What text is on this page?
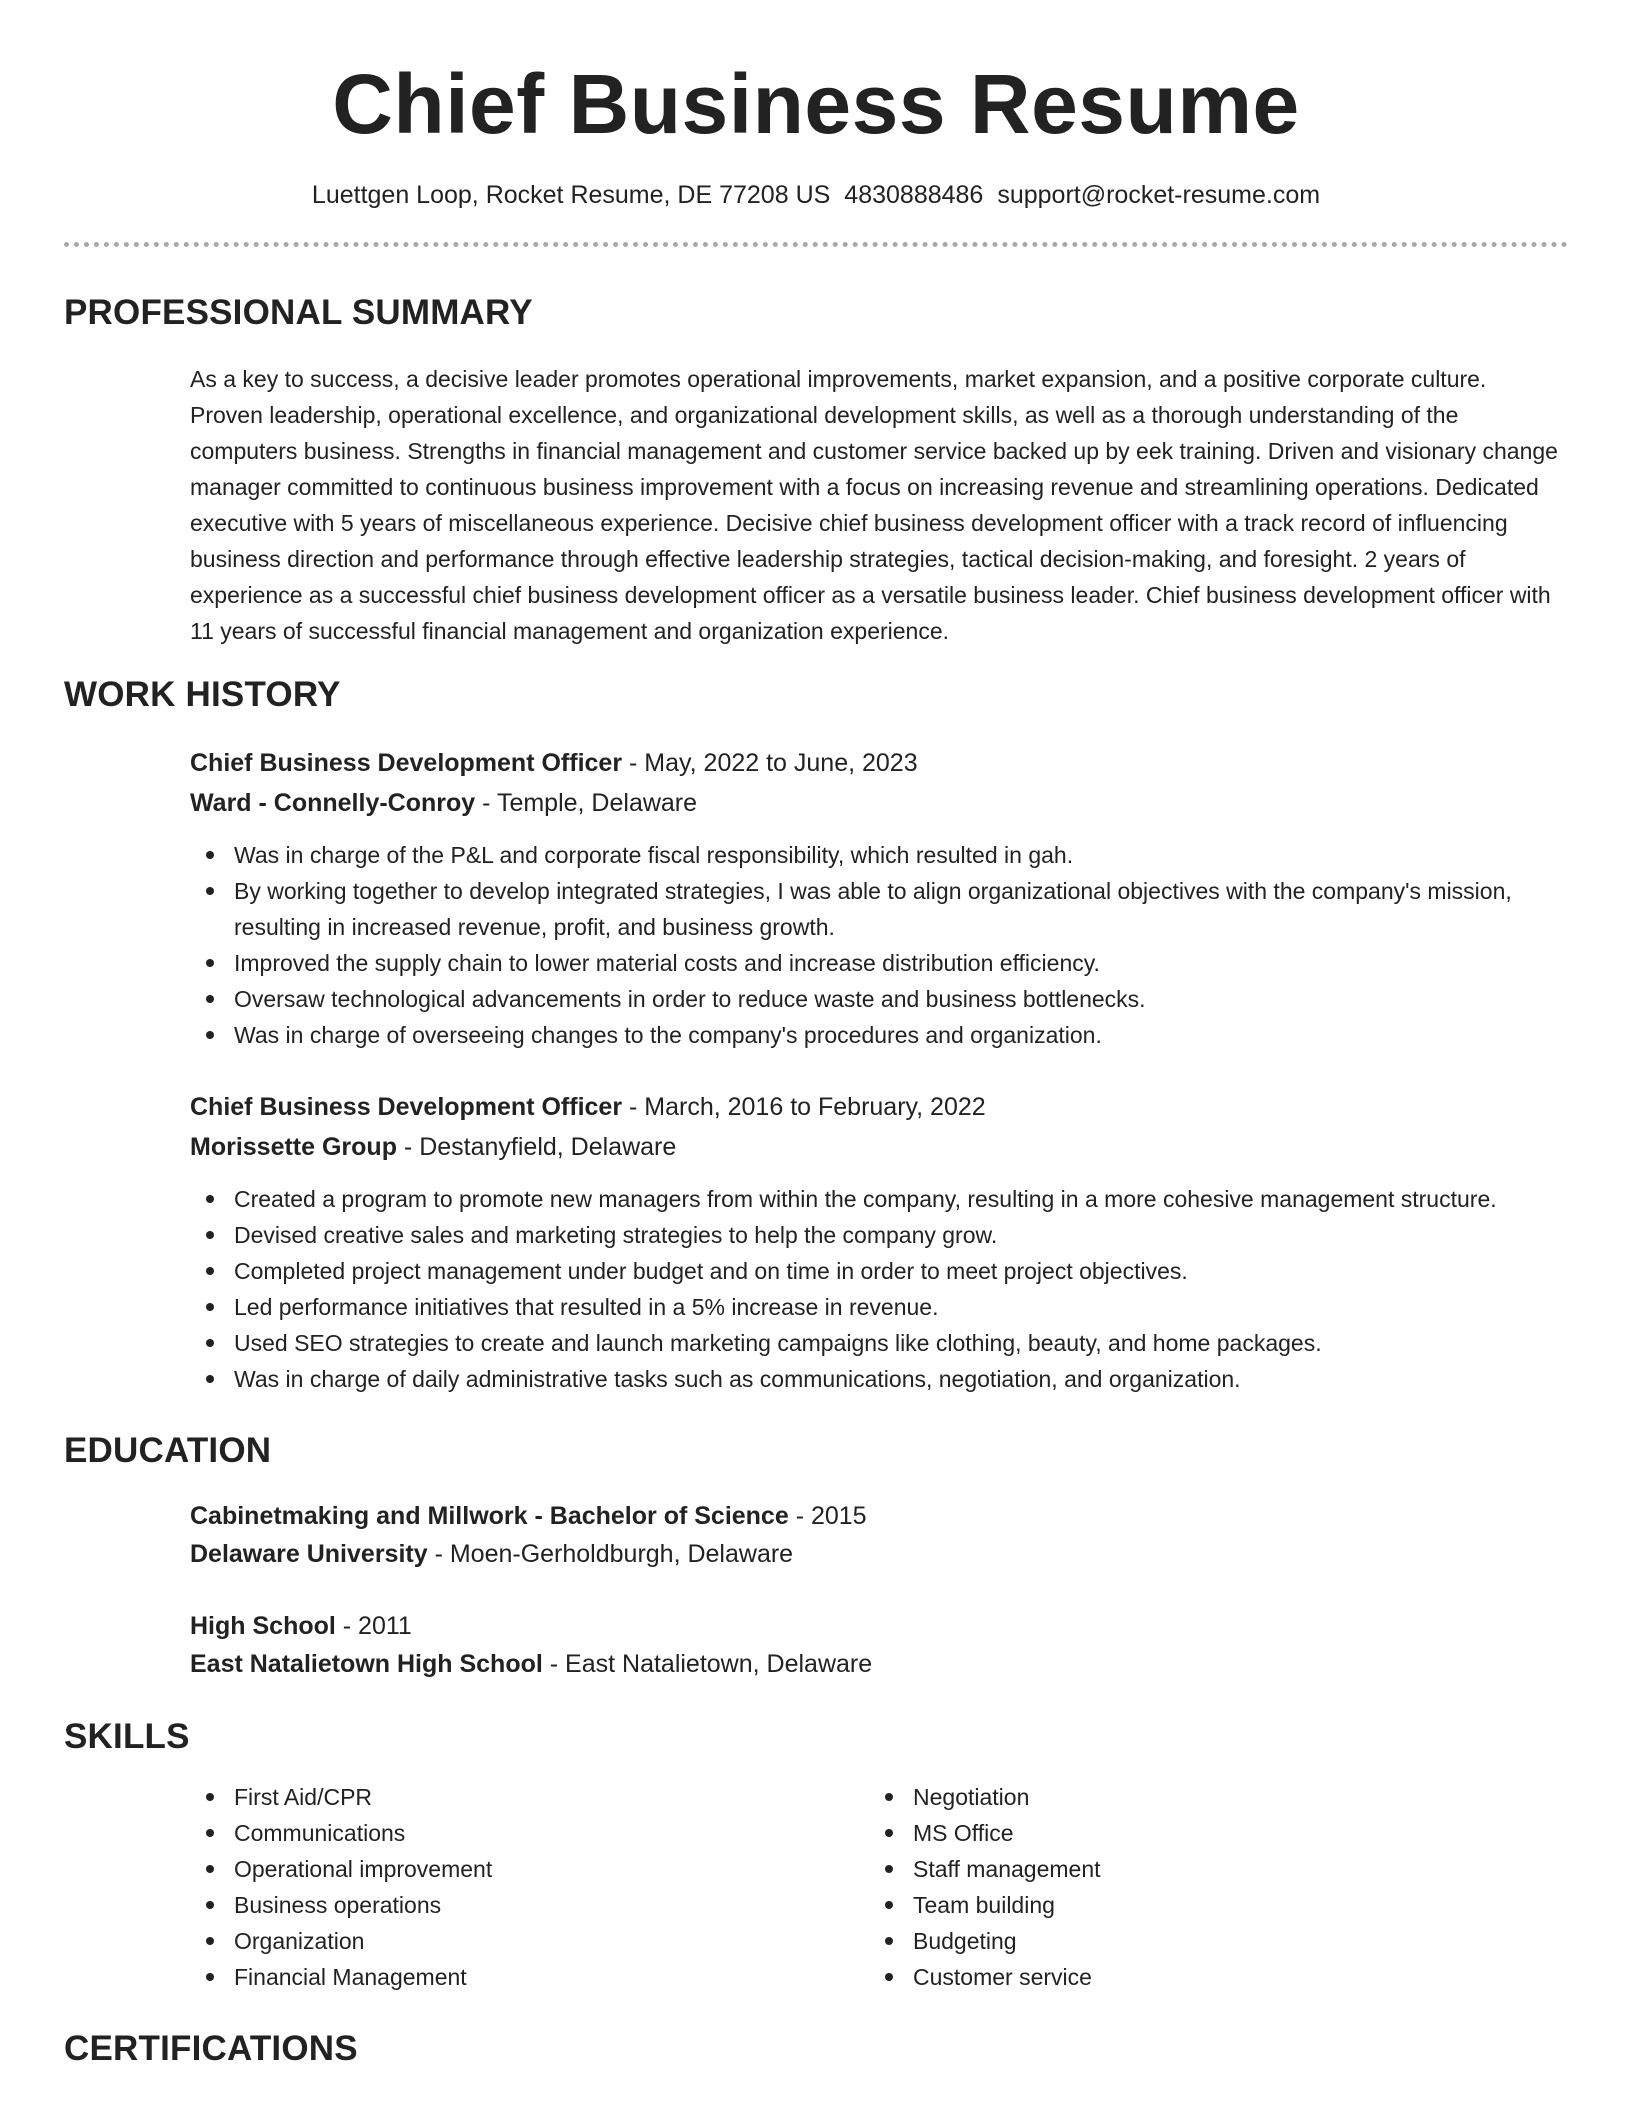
Chief Business Resume
Luettgen Loop, Rocket Resume, DE 77208 US 4830888486 support@rocket-resume.com
PROFESSIONAL SUMMARY

As a key to success, a decisive leader promotes operational improvements, market expansion, and a positive corporate culture. Proven leadership, operational excellence, and organizational development skills, as well as a thorough understanding of the computers business. Strengths in financial management and customer service backed up by eek training. Driven and visionary change manager committed to continuous business improvement with a focus on increasing revenue and streamlining operations. Dedicated executive with 5 years of miscellaneous experience. Decisive chief business development officer with a track record of influencing business direction and performance through effective leadership strategies, tactical decision-making, and foresight. 2 years of experience as a successful chief business development officer as a versatile business leader. Chief business development officer with 11 years of successful financial management and organization experience.

WORK HISTORY
Chief Business Development Officer - May, 2022 to June, 2023
Ward - Connelly-Conroy - Temple, Delaware
Was in charge of the P&L and corporate fiscal responsibility, which resulted in gah.
By working together to develop integrated strategies, I was able to align organizational objectives with the company's mission, resulting in increased revenue, profit, and business growth.
Improved the supply chain to lower material costs and increase distribution efficiency.
Oversaw technological advancements in order to reduce waste and business bottlenecks.
Was in charge of overseeing changes to the company's procedures and organization.
Chief Business Development Officer - March, 2016 to February, 2022
Morissette Group - Destanyfield, Delaware
Created a program to promote new managers from within the company, resulting in a more cohesive management structure.
Devised creative sales and marketing strategies to help the company grow.
Completed project management under budget and on time in order to meet project objectives.
Led performance initiatives that resulted in a 5% increase in revenue.
Used SEO strategies to create and launch marketing campaigns like clothing, beauty, and home packages.
Was in charge of daily administrative tasks such as communications, negotiation, and organization.
EDUCATION
Cabinetmaking and Millwork - Bachelor of Science - 2015
Delaware University - Moen-Gerholdburgh, Delaware
High School - 2011
East Natalietown High School - East Natalietown, Delaware
SKILLS
First Aid/CPR
Communications
Operational improvement
Business operations
Organization
Financial Management
Negotiation
MS Office
Staff management
Team building
Budgeting
Customer service
CERTIFICATIONS
